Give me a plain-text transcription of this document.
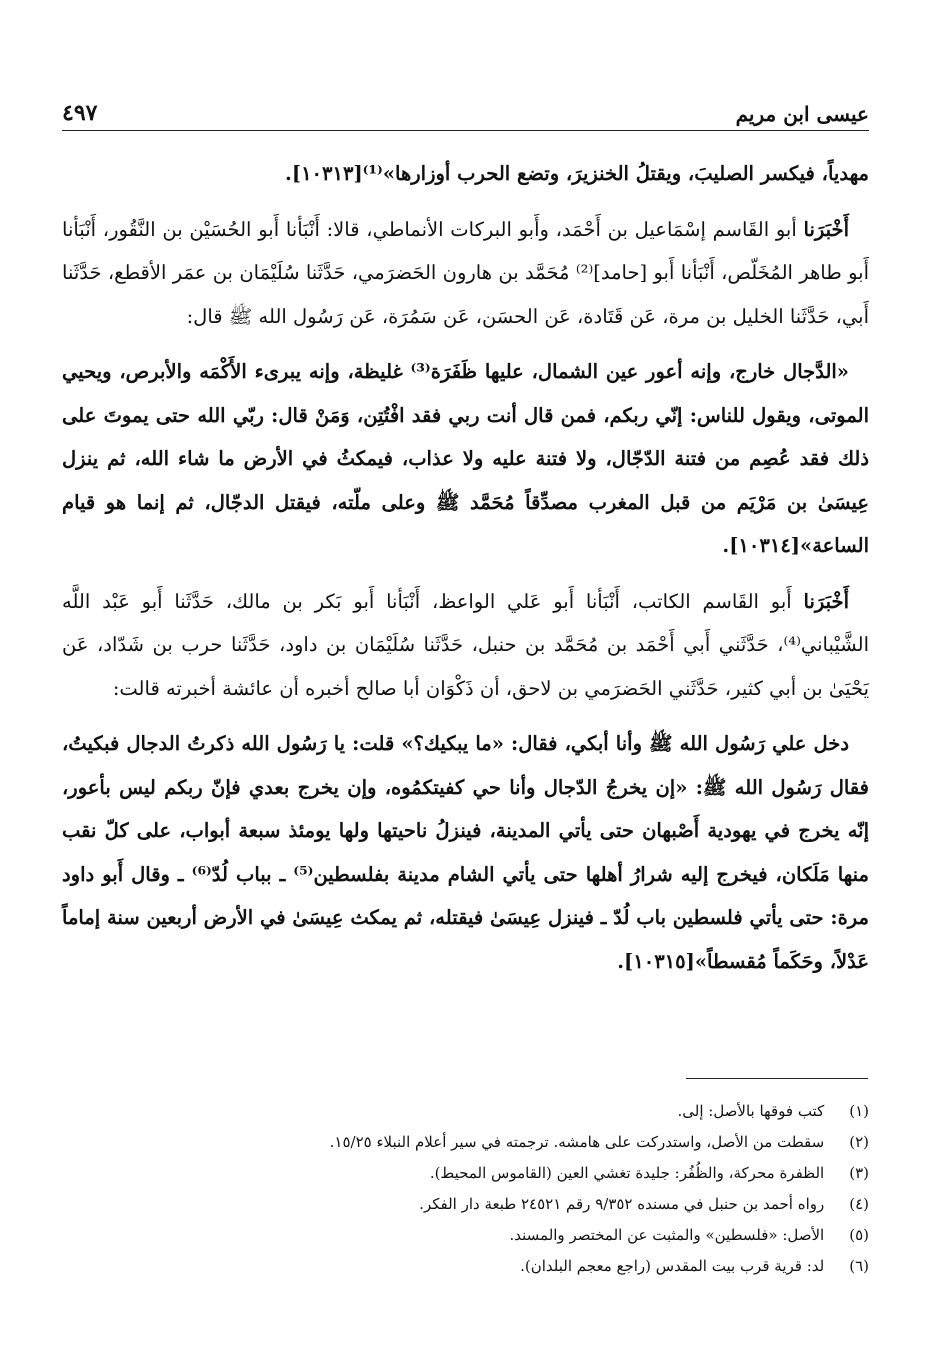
عيسى ابن مريم
٤٩٧

مهدياً، فيكسر الصليبَ، ويقتلُ الخنزيرَ، وتضع الحرب أوزارها»⁽¹⁾[١٠٣١٣].

أَخْبَرَنا أبو القَاسم إسْمَاعيل بن أَحْمَد، وأَبو البركات الأنماطي، قالا: أَنْبَأنا أَبو الحُسَيْن بن النَّقُور، أَنْبَأنا أَبو طاهر المُخَلّص، أَنْبَأنا أَبو [حامد]⁽²⁾ مُحَمَّد بن هارون الحَضرَمي، حَدَّثَنا سُلَيْمَان بن عمَر الأقطع، حَدَّثَنا أَبي، حَدَّثَنا الخليل بن مرة، عَن قَتَادة، عَن الحسَن، عَن سَمُرَة، عَن رَسُول الله ﷺ قال:

«الدَّجال خارج، وإنه أعور عين الشمال، عليها ظَفَرَة⁽³⁾ غليظة، وإنه يبرىء الأَكْمَه والأبرص، ويحيي الموتى، ويقول للناس: إنّي ربكم، فمن قال أنت ربي فقد افْتُتِن، وَمَنْ قال: ربّي الله حتى يموتَ على ذلك فقد عُصِم من فتنة الدّجّال، ولا فتنة عليه ولا عذاب، فيمكثُ في الأرض ما شاء الله، ثم ينزل عِيسَىٰ بن مَرْيَم من قبل المغرب مصدِّقاً مُحَمَّد ﷺ وعلى ملّته، فيقتل الدجّال، ثم إنما هو قيام الساعة»[١٠٣١٤].

أَخْبَرَنا أَبو القَاسم الكاتب، أَنْبَأنا أَبو عَلي الواعظ، أَنْبَأنا أَبو بَكر بن مالك، حَدَّثَنا أَبو عَبْد اللَّه الشَّيْباني⁽⁴⁾، حَدَّثَني أَبي أَحْمَد بن مُحَمَّد بن حنبل، حَدَّثَنا سُلَيْمَان بن داود، حَدَّثَنا حرب بن شَدّاد، عَن يَحْيَىٰ بن أبي كثير، حَدَّثَني الحَضرَمي بن لاحق، أن ذَكْوَان أبا صالح أخبره أن عائشة أخبرته قالت:

دخل علي رَسُول الله ﷺ وأنا أبكي، فقال: «ما يبكيك؟» قلت: يا رَسُول الله ذكرتُ الدجال فبكيتُ، فقال رَسُول الله ﷺ: «إن يخرجُ الدّجال وأنا حي كفيتكمُوه، وإن يخرج بعدي فإنّ ربكم ليس بأعور، إنّه يخرج في يهودية أَصْبهان حتى يأتي المدينة، فينزلُ ناحيتها ولها يومئذ سبعة أبواب، على كلّ نقب منها مَلَكان، فيخرج إليه شرارُ أهلها حتى يأتي الشام مدينة بفلسطين⁽⁵⁾ ـ بباب لُدّ⁽⁶⁾ ـ وقال أَبو داود مرة: حتى يأتي فلسطين باب لُدّ ـ فينزل عِيسَىٰ فيقتله، ثم يمكث عِيسَىٰ في الأرض أربعين سنة إماماً عَدْلاً، وحَكَماً مُقسطاً»[١٠٣١٥].

(١) كتب فوقها بالأصل: إلى.
(٢) سقطت من الأصل، واستدركت على هامشه. ترجمته في سير أعلام النبلاء ١٥/٢٥.
(٣) الظفرة محركة، والظُفُر: جليدة تغشي العين (القاموس المحيط).
(٤) رواه أحمد بن حنبل في مسنده ٩/٣٥٢ رقم ٢٤٥٢١ طبعة دار الفكر.
(٥) الأصل: «فلسطين» والمثبت عن المختصر والمسند.
(٦) لد: قرية قرب بيت المقدس (راجع معجم البلدان).
